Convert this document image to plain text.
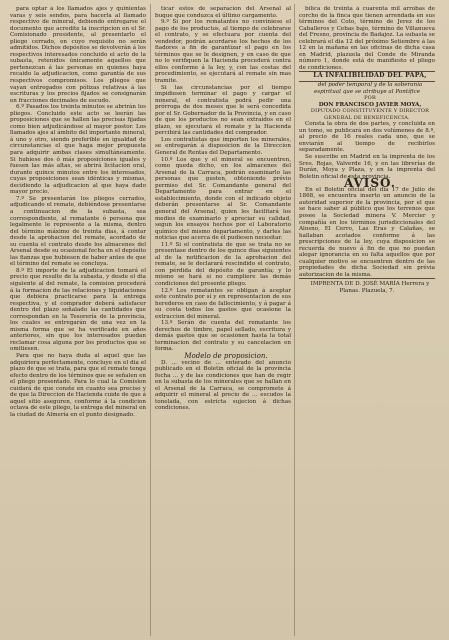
para optar á los llamados ajes y quinientas varas y seis sendos, para hacerla al llamado respectivo de mineral, debiendo entregarse el documento que acredite la inscripcion en el Sr. Comisionado presidente, al presentarlo el pliego cerrado, en cuyo requisito no serán admitidos. Dichos depósitos se devolverán á los respectivos interesados concluido el acto de la subasta, retenidos únicamente aquellos que pertenezcan á las personas en quienes haya recaido la adjudicacion, como garantía de sus respectivos compromisos. Los pliegos que vayan entregados con pólizas relativas á las escrituras y los precios fijados se consignarán en fracciones decimales de escudo.

6.º Pasados los treinta minutos se abrirán los pliegos. Concluido este acto se leerán las proposiciones que se hallen las precisas fijadas como bien adjudicándose al mayor postor. Los llamados ajes al ámbito del importante mineral, á uno y otro, siendo preferible en igualdad de circunstancias el que haga mejor propuesta para adquirir ambas clases simultáneamente. Si hubiese dos ó más proposiciones iguales y fuesen las más altas, se abrirá licitacion oral, durante quince minutos entre los interesados, cuyas proposiciones sean idénticas y mismas, decidiendo la adjudicacion al que haya dado mayor precio.

7.º Se presentarán los pliegos cerrados, adjudicando el remate, debiéndose presentarse a continuacion de la subasta, sea correspondiente, al rematante ó persona que legalmente le represente a la misma, dentro del término máximo de treinta dias, á contar desde la aprobacion del remate, acordado de su cuenta el contrato desde los almacenes del Arsenal desde su ocasional fecha en el depósito las fianzas que hubiesen de haber antes de que el término del remate se concluya.

8.º El importe de la adjudicacion tomará el precio que resulte de la subasta, y desde el dia siguiente al del remate, la comision procederá á la formacion de las relaciones y liquidaciones que debiera practicarse para la entrega respectiva, y el comprador deberá satisfacer dentro del plazo señalado las cantidades que correspondan en la Tesorería de la provincia, los cuales se entregarán de una vez en la misma forma que se ha verificado en años anteriores, sin que los interesados puedan reclamar cosa alguna por los productos que se omitiesen.

Para que no haya duda al aquel que las adquiriera perfectamente, concluye en el dia el plazo de que se trata, para que el remate tenga efecto dentro de los términos que se señalen en el pliego presentado. Para lo cual la Comision cuidará de que conste en cuanto sea preciso y de que la Direccion de Hacienda cuide de que á aquel sitio aseguren, conforme á la condicion octava de este pliego, la entrega del mineral en la ciudad de Almería en el punto designado.

ticar estos de separacion del Arsenal al buque que conduzca el último cargamento.

9.º Si por los rematantes no conviniese el pago de los productos, al tiempo de celebrarse el contrato, y se efectuara por cuenta del vendedor, podrán acordarse los hechos de los fiadores a fin de garantizar el pago en los términos que se le designen, y en caso de que no lo verifiquen la Hacienda procederá contra ellos conforme á la ley, y, con las costas del procedimiento, se ejecutará al remate sin mas tramite.

Si las circunstancias por el tiempo impidiesen terminar el pago y cargar el mineral, el contratista podrá pedir una prórroga de dos meses que le será concedida por el Sr. Gobernador de la Provincia, y en caso de que los productos no sean extraidos en el plazo, se ejecutará el remate y la Hacienda percibirá las cantidades del comprador.

Los contratistas que importen los minerales, se entregarán á disposicion de la Direccion General de Rentas del Departamento.

10.º Los que y el mineral se encuentren, como queda dicho, en los almacenes del Arsenal de la Carraca, podrán examinarlo las personas que gusten, obteniendo prévio permiso del Sr. Comandante general del Departamento para entrar en el establecimiento, donde con el indicado objeto deberán presentarse al Sr. Comandante general del Arsenal, quien les facilitará los medios de examinarlo y apreciar su calidad, segun los ensayos hechos por el Laboratorio químico del mismo departamento, y darles las noticias que acerca de él pudiesen necesitar.

11.º Si el contratista de que se trata no se presentase dentro de los quince dias siguientes al de la notificacion de la aprobacion del remate, se le declarará rescindido el contrato, con pérdida del depósito de garantía; y lo mismo se hará si no cumpliere las demás condiciones del presente pliego.

12.º Los rematantes se obligan á aceptar este contrato por sí y en representacion de sus herederos en caso de fallecimiento, y á pagar á su costa todos los gastos que ocasione la extraccion del mineral.

13.º Serán de cuenta del rematante los derechos de timbre, papel sellado, escritura y demás gastos que se ocasionen hasta la total terminacion del contrato y su cancelacion en forma.

Modelo de proposicion.

D. ... vecino de ... enterado del anuncio publicado en el Boletin oficial de la provincia fecha ... y de las condiciones que han de regir en la subasta de los minerales que se hallan en el Arsenal de la Carraca, se compromete á adquirir el mineral al precio de ... escudos la tonelada, con estricta sujecion á dichas condiciones.

bilica de treinta á cuarenta mil arrobas de corcho de la finca que tienen arrendada en sus términos del Coto, término de Jerez de los Caballeros y Cebas bajo, término de Villanueva del Fresno, provincia de Badajoz. La subasta se celebrará el dia 12 del próximo Setiembre á las 12 en la mañana en las oficinas de dicha casa en Madrid, plazuela del Conde de Miranda número 1, donde está de manifiesto el pliego de condiciones.

LA INFALIBILIDAD DEL PAPA,

del poder temporal y de la soberanía espiritual que se atribuye al Pontífice

POR

DON FRANCISCO JAVIER MOYA,

DIPUTADO CONSTITUYENTE Y DIRECTOR GENERAL DE BENEFICENCIA.

Consta la obra de dos partes, y concluida en un tomo, se publicará en dos volúmenes de 8.º, al precio de 16 reales cada uno, que se enviarán al tiempo de recibirlos separadamente.

Se suscribe en Madrid en la imprenta de los Sres. Rojas, Valverde 16, y en las librerías de Durán, Moya y Plaza, y en la imprenta del Boletin oficial de esta provincia.

ÁVISO.

En el Boletin oficial del dia 17 de Julio de 1868, se encuentra inserto un anuncio de la autoridad superior de la provincia, por el que se hace saber al público que los terrenos que posee la Sociedad minera V. Mercier y compañía en los términos jurisdiccionales del Alosno, El Cerro, Las Eras y Calañas, se hallaban acotados conforme á las prescripciones de la ley, cuya disposicion se recuerda de nuevo á fin de que no puedan alegar ignorancia en su falta aquellos que por cualquier motivo se encuentren dentro de las propiedades de dicha Sociedad sin prévia autorizacion de la misma.

IMPRENTA DE D. JOSÉ MARÍA Herrera y Planas. Plazuela, 7.
